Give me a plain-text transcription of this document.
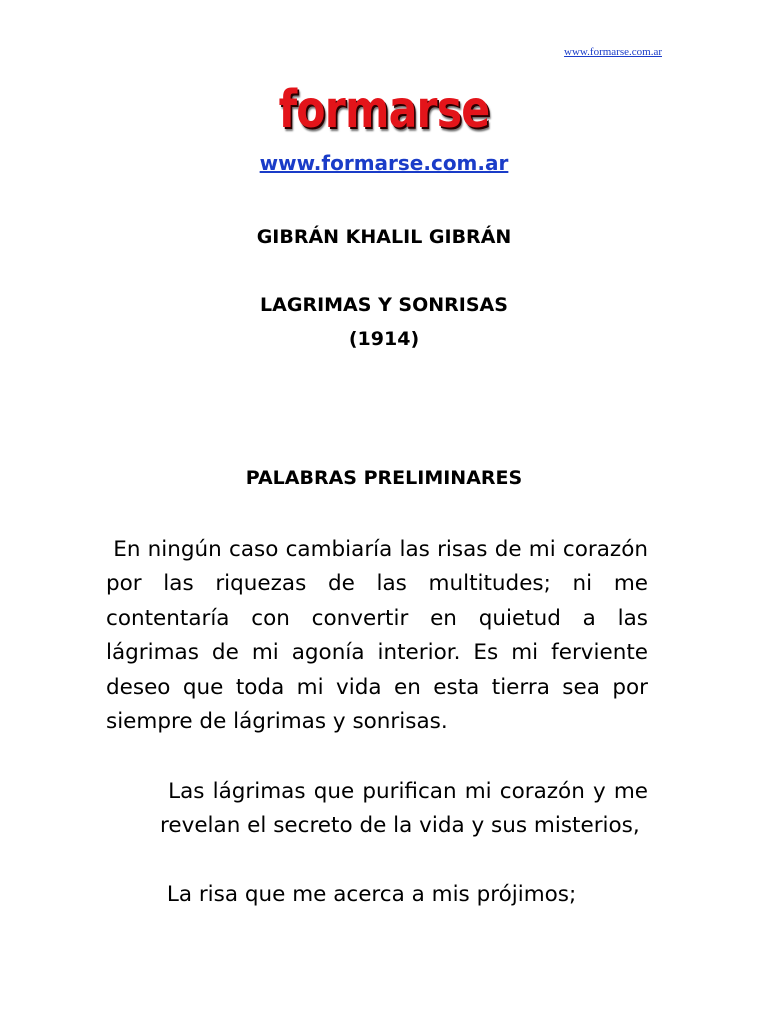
www.formarse.com.ar
formarse
www.formarse.com.ar
GIBRÁN KHALIL GIBRÁN
LAGRIMAS Y SONRISAS
(1914)
PALABRAS PRELIMINARES
En ningún caso cambiaría las risas de mi corazón por las riquezas de las multitudes; ni me contentaría con convertir en quietud a las lágrimas de mi agonía interior. Es mi ferviente deseo que toda mi vida en esta tierra sea por siempre de lágrimas y sonrisas.
Las lágrimas que purifican mi corazón y me revelan el secreto de la vida y sus misterios,
La risa que me acerca a mis prójimos;
